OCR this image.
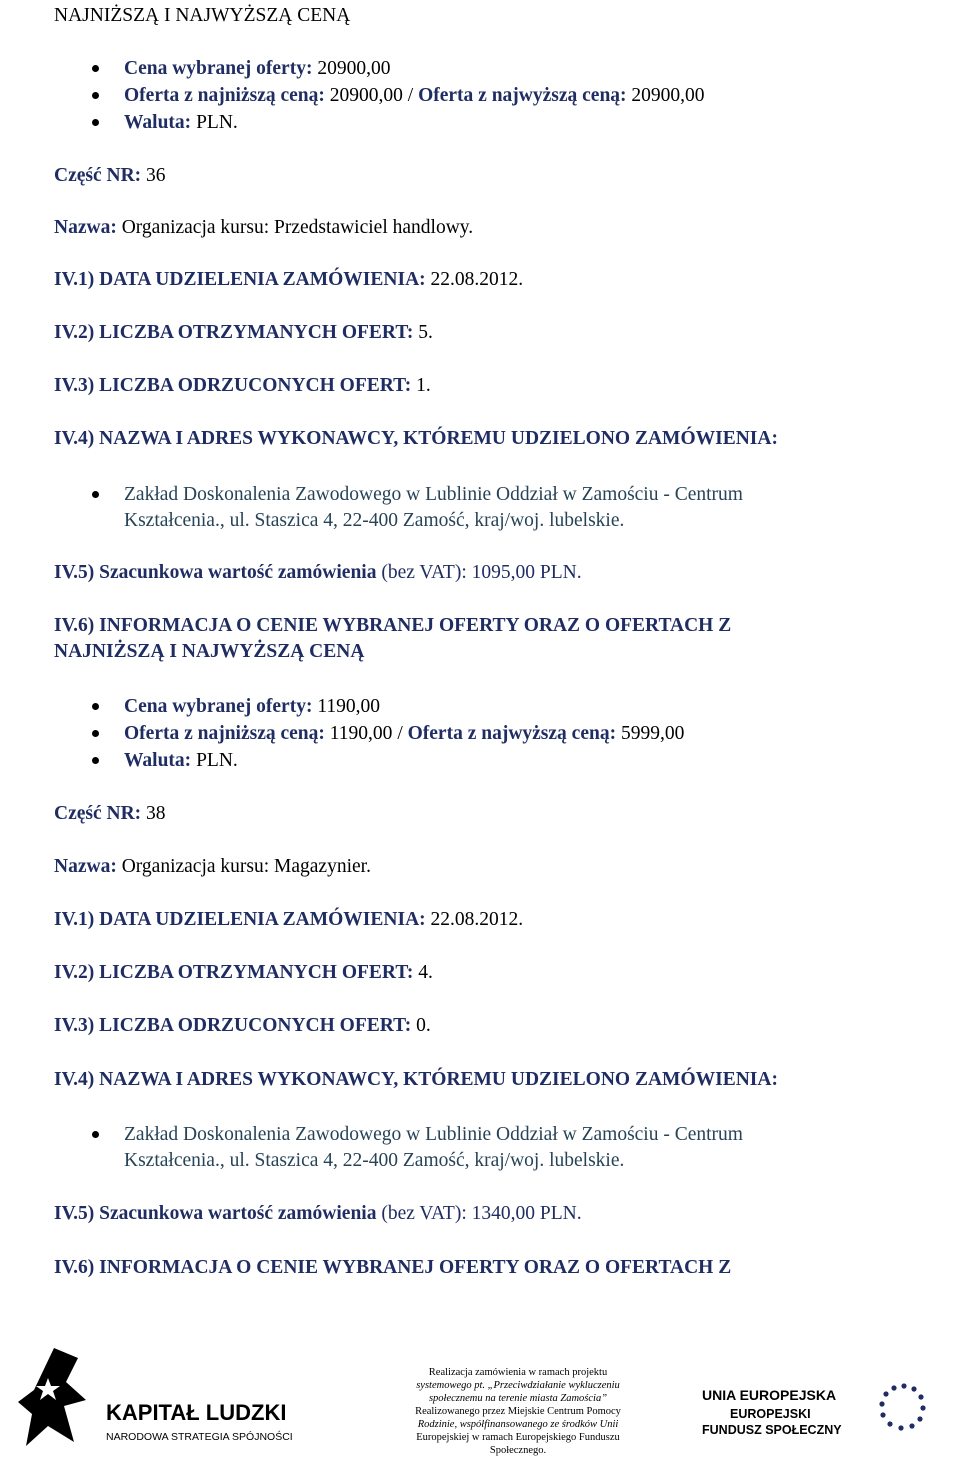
NAJNIŻSZĄ I NAJWYŻSZĄ CENĄ
Cena wybranej oferty: 20900,00
Oferta z najniższą ceną: 20900,00 / Oferta z najwyższą ceną: 20900,00
Waluta: PLN.
Część NR: 36
Nazwa: Organizacja kursu: Przedstawiciel handlowy.
IV.1) DATA UDZIELENIA ZAMÓWIENIA: 22.08.2012.
IV.2) LICZBA OTRZYMANYCH OFERT: 5.
IV.3) LICZBA ODRZUCONYCH OFERT: 1.
IV.4) NAZWA I ADRES WYKONAWCY, KTÓREMU UDZIELONO ZAMÓWIENIA:
Zakład Doskonalenia Zawodowego w Lublinie Oddział w Zamościu - Centrum
Kształcenia., ul. Staszica 4, 22-400 Zamość, kraj/woj. lubelskie.
IV.5) Szacunkowa wartość zamówienia (bez VAT): 1095,00 PLN.
IV.6) INFORMACJA O CENIE WYBRANEJ OFERTY ORAZ O OFERTACH Z
NAJNIŻSZĄ I NAJWYŻSZĄ CENĄ
Cena wybranej oferty: 1190,00
Oferta z najniższą ceną: 1190,00 / Oferta z najwyższą ceną: 5999,00
Waluta: PLN.
Część NR: 38
Nazwa: Organizacja kursu: Magazynier.
IV.1) DATA UDZIELENIA ZAMÓWIENIA: 22.08.2012.
IV.2) LICZBA OTRZYMANYCH OFERT: 4.
IV.3) LICZBA ODRZUCONYCH OFERT: 0.
IV.4) NAZWA I ADRES WYKONAWCY, KTÓREMU UDZIELONO ZAMÓWIENIA:
Zakład Doskonalenia Zawodowego w Lublinie Oddział w Zamościu - Centrum
Kształcenia., ul. Staszica 4, 22-400 Zamość, kraj/woj. lubelskie.
IV.5) Szacunkowa wartość zamówienia (bez VAT): 1340,00 PLN.
IV.6) INFORMACJA O CENIE WYBRANEJ OFERTY ORAZ O OFERTACH Z
KAPITAŁ LUDZKI
NARODOWA STRATEGIA SPÓJNOŚCI
UNIA EUROPEJSKA
EUROPEJSKI
FUNDUSZ SPOŁECZNY
Realizacja zamówienia w ramach projektu
systemowego pt. „Przeciwdziałanie wykluczeniu
społecznemu na terenie miasta Zamościa”
Realizowanego przez Miejskie Centrum Pomocy
Rodzinie, współfinansowanego ze środków Unii
Europejskiej w ramach Europejskiego Funduszu
Społecznego.
